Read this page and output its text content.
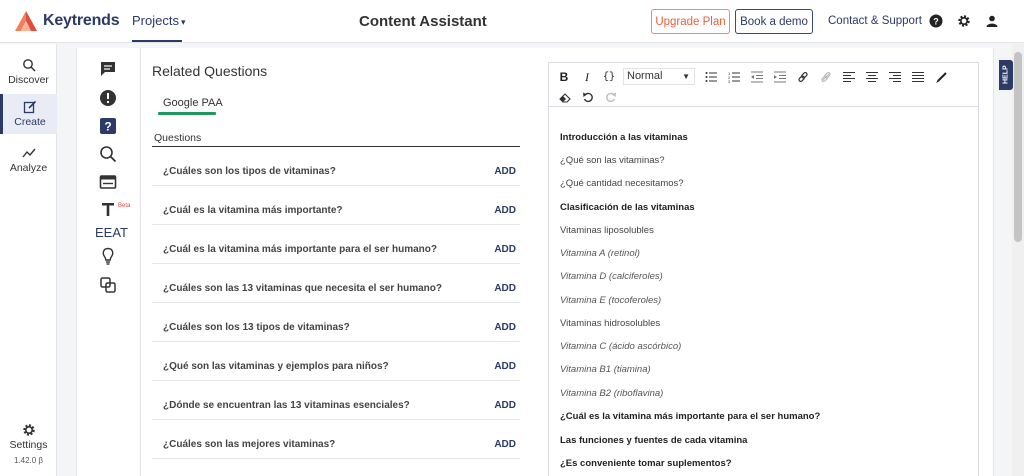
Keytrends Projects ▾	Content Assistant	Upgrade Plan	Book a demo	Contact & Support ?
Discover
Create
Analyze
Settings
1.42.0 β
?
Beta
EEAT
Related Questions
Google PAA
Questions
¿Cuáles son los tipos de vitaminas?	ADD
¿Cuál es la vitamina más importante?	ADD
¿Cuál es la vitamina más importante para el ser humano?	ADD
¿Cuáles son las 13 vitaminas que necesita el ser humano?	ADD
¿Cuáles son los 13 tipos de vitaminas?	ADD
¿Qué son las vitaminas y ejemplos para niños?	ADD
¿Dónde se encuentran las 13 vitaminas esenciales?	ADD
¿Cuáles son las mejores vitaminas?	ADD
B	I	{}	Normal ▼	1
2
3
Introducción a las vitaminas
¿Qué son las vitaminas?
¿Qué cantidad necesitamos?
Clasificación de las vitaminas
Vitaminas liposolubles
Vitamina A (retinol)
Vitamina D (calciferoles)
Vitamina E (tocoferoles)
Vitaminas hidrosolubles
Vitamina C (ácido ascórbico)
Vitamina B1 (tiamina)
Vitamina B2 (riboflavina)
¿Cuál es la vitamina más importante para el ser humano?
Las funciones y fuentes de cada vitamina
¿Es conveniente tomar suplementos?
HELP
